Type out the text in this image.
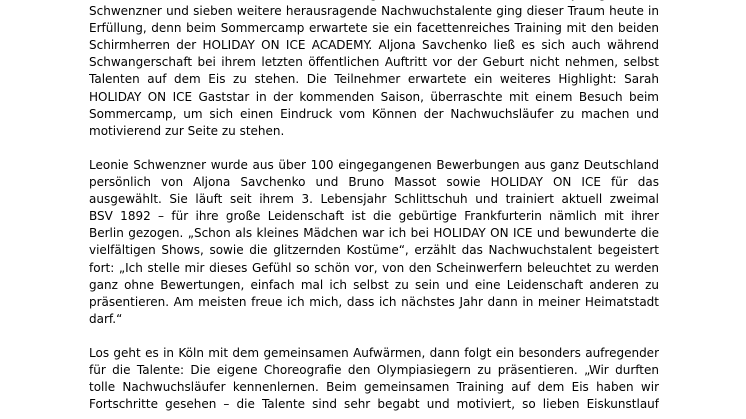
Schwenzner und sieben weitere herausragende Nachwuchstalente ging dieser Traum heute in
Erfüllung, denn beim Sommercamp erwartete sie ein facettenreiches Training mit den beiden
Schirmherren der HOLIDAY ON ICE ACADEMY. Aljona Savchenko ließ es sich auch während
Schwangerschaft bei ihrem letzten öffentlichen Auftritt vor der Geburt nicht nehmen, selbst
Talenten auf dem Eis zu stehen. Die Teilnehmer erwartete ein weiteres Highlight: Sarah
HOLIDAY ON ICE Gaststar in der kommenden Saison, überraschte mit einem Besuch beim
Sommercamp, um sich einen Eindruck vom Können der Nachwuchsläufer zu machen und
motivierend zur Seite zu stehen.
Leonie Schwenzner wurde aus über 100 eingegangenen Bewerbungen aus ganz Deutschland
persönlich von Aljona Savchenko und Bruno Massot sowie HOLIDAY ON ICE für das
ausgewählt. Sie läuft seit ihrem 3. Lebensjahr Schlittschuh und trainiert aktuell zweimal
BSV 1892 – für ihre große Leidenschaft ist die gebürtige Frankfurterin nämlich mit ihrer
Berlin gezogen. „Schon als kleines Mädchen war ich bei HOLIDAY ON ICE und bewunderte die
vielfältigen Shows, sowie die glitzernden Kostüme“, erzählt das Nachwuchstalent begeistert
fort: „Ich stelle mir dieses Gefühl so schön vor, von den Scheinwerfern beleuchtet zu werden
ganz ohne Bewertungen, einfach mal ich selbst zu sein und eine Leidenschaft anderen zu
präsentieren. Am meisten freue ich mich, dass ich nächstes Jahr dann in meiner Heimatstadt
darf.“
Los geht es in Köln mit dem gemeinsamen Aufwärmen, dann folgt ein besonders aufregender
für die Talente: Die eigene Choreografie den Olympiasiegern zu präsentieren. „Wir durften
tolle Nachwuchsläufer kennenlernen. Beim gemeinsamen Training auf dem Eis haben wir
Fortschritte gesehen – die Talente sind sehr begabt und motiviert, so lieben Eiskunstlauf
